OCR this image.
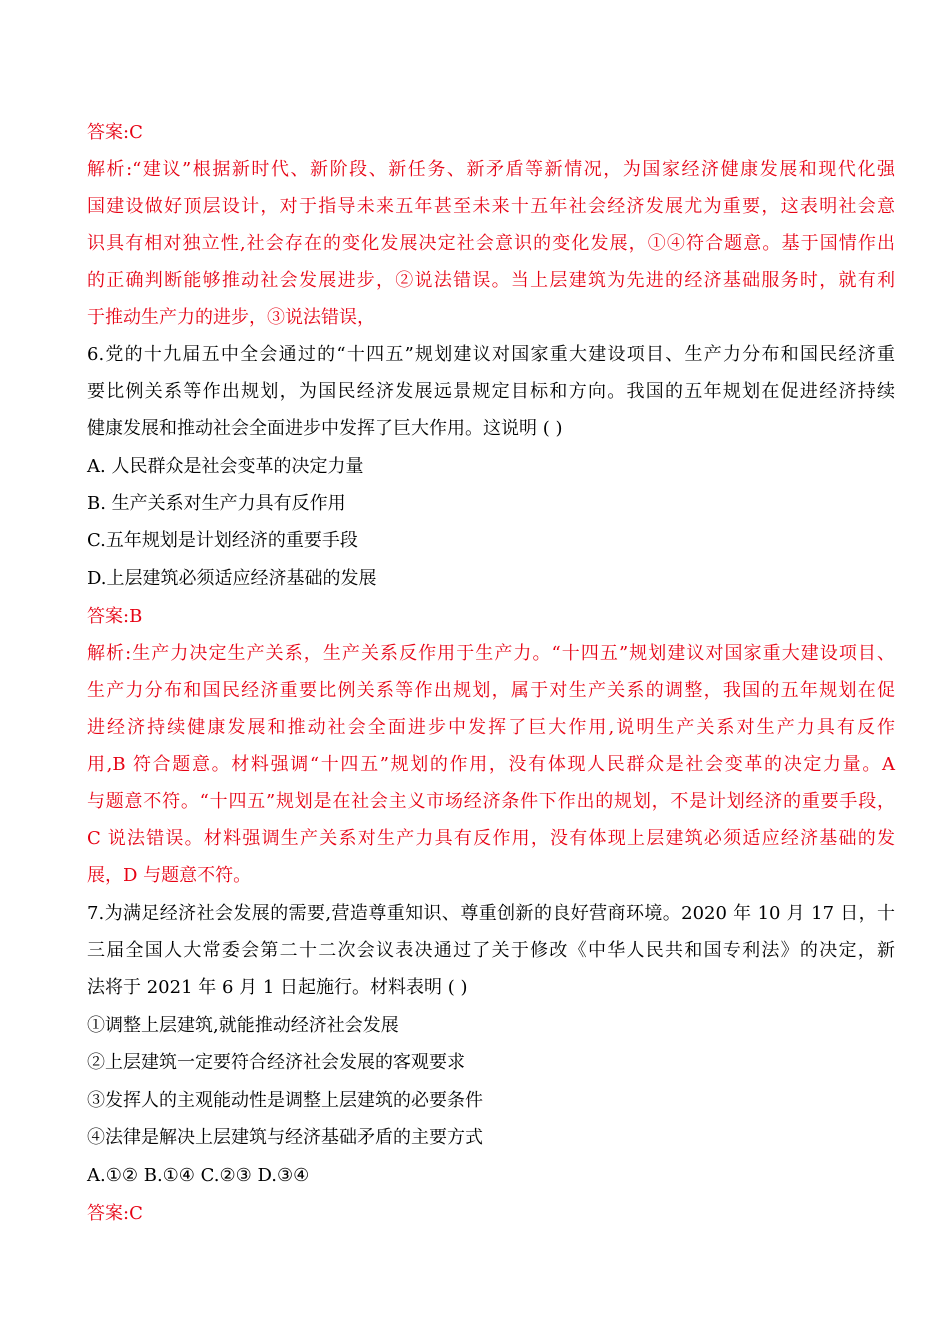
答案:C
解析:“建议”根据新时代、新阶段、新任务、新矛盾等新情况，为国家经济健康发展和现代化强
国建设做好顶层设计，对于指导未来五年甚至未来十五年社会经济发展尤为重要，这表明社会意
识具有相对独立性,社会存在的变化发展决定社会意识的变化发展，①④符合题意。基于国情作出
的正确判断能够推动社会发展进步，②说法错误。当上层建筑为先进的经济基础服务时，就有利
于推动生产力的进步，③说法错误，
6.党的十九届五中全会通过的“十四五”规划建议对国家重大建设项目、生产力分布和国民经济重
要比例关系等作出规划，为国民经济发展远景规定目标和方向。我国的五年规划在促进经济持续
健康发展和推动社会全面进步中发挥了巨大作用。这说明 ( )
A. 人民群众是社会变革的决定力量
B. 生产关系对生产力具有反作用
C.五年规划是计划经济的重要手段
D.上层建筑必须适应经济基础的发展
答案:B
解析:生产力决定生产关系，生产关系反作用于生产力。“十四五”规划建议对国家重大建设项目、
生产力分布和国民经济重要比例关系等作出规划，属于对生产关系的调整，我国的五年规划在促
进经济持续健康发展和推动社会全面进步中发挥了巨大作用,说明生产关系对生产力具有反作
用,B 符合题意。材料强调“十四五”规划的作用，没有体现人民群众是社会变革的决定力量。A
与题意不符。“十四五”规划是在社会主义市场经济条件下作出的规划，不是计划经济的重要手段，
C 说法错误。材料强调生产关系对生产力具有反作用，没有体现上层建筑必须适应经济基础的发
展，D 与题意不符。
7.为满足经济社会发展的需要,营造尊重知识、尊重创新的良好营商环境。2020 年 10 月 17 日，十
三届全国人大常委会第二十二次会议表决通过了关于修改《中华人民共和国专利法》的决定，新
法将于 2021 年 6 月 1 日起施行。材料表明 ( )
①调整上层建筑,就能推动经济社会发展
②上层建筑一定要符合经济社会发展的客观要求
③发挥人的主观能动性是调整上层建筑的必要条件
④法律是解决上层建筑与经济基础矛盾的主要方式
A.①② B.①④ C.②③ D.③④
答案:C
